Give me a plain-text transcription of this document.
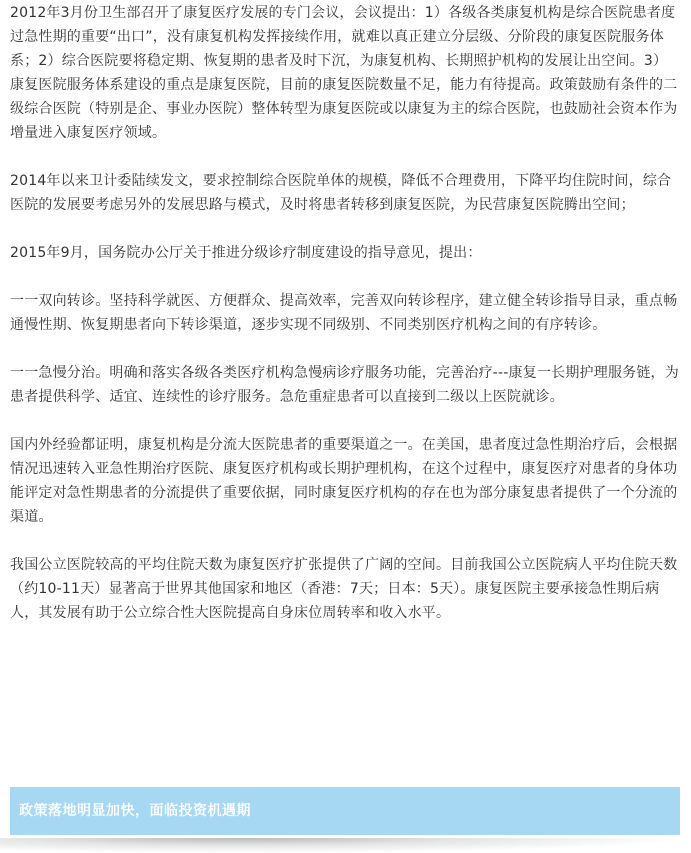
2012年3月份卫生部召开了康复医疗发展的专门会议，会议提出：1）各级各类康复机构是综合医院患者度过急性期的重要“出口”，没有康复机构发挥接续作用，就难以真正建立分层级、分阶段的康复医院服务体系；2）综合医院要将稳定期、恢复期的患者及时下沉，为康复机构、长期照护机构的发展让出空间。3）康复医院服务体系建设的重点是康复医院，目前的康复医院数量不足，能力有待提高。政策鼓励有条件的二级综合医院（特别是企、事业办医院）整体转型为康复医院或以康复为主的综合医院，也鼓励社会资本作为增量进入康复医疗领域。

2014年以来卫计委陆续发文，要求控制综合医院单体的规模，降低不合理费用，下降平均住院时间，综合医院的发展要考虑另外的发展思路与模式，及时将患者转移到康复医院，为民营康复医院腾出空间；

2015年9月，国务院办公厅关于推进分级诊疗制度建设的指导意见，提出：

一一双向转诊。坚持科学就医、方便群众、提高效率，完善双向转诊程序，建立健全转诊指导目录，重点畅通慢性期、恢复期患者向下转诊渠道，逐步实现不同级别、不同类别医疗机构之间的有序转诊。

一一急慢分治。明确和落实各级各类医疗机构急慢病诊疗服务功能，完善治疗---康复一长期护理服务链，为患者提供科学、适宜、连续性的诊疗服务。急危重症患者可以直接到二级以上医院就诊。

国内外经验都证明，康复机构是分流大医院患者的重要渠道之一。在美国，患者度过急性期治疗后，会根据情况迅速转入亚急性期治疗医院、康复医疗机构或长期护理机构，在这个过程中，康复医疗对患者的身体功能评定对急性期患者的分流提供了重要依据，同时康复医疗机构的存在也为部分康复患者提供了一个分流的渠道。

我国公立医院较高的平均住院天数为康复医疗扩张提供了广阔的空间。目前我国公立医院病人平均住院天数（约10-11天）显著高于世界其他国家和地区（香港：7天；日本：5天）。康复医院主要承接急性期后病人，其发展有助于公立综合性大医院提高自身床位周转率和收入水平。

政策落地明显加快，面临投资机遇期
